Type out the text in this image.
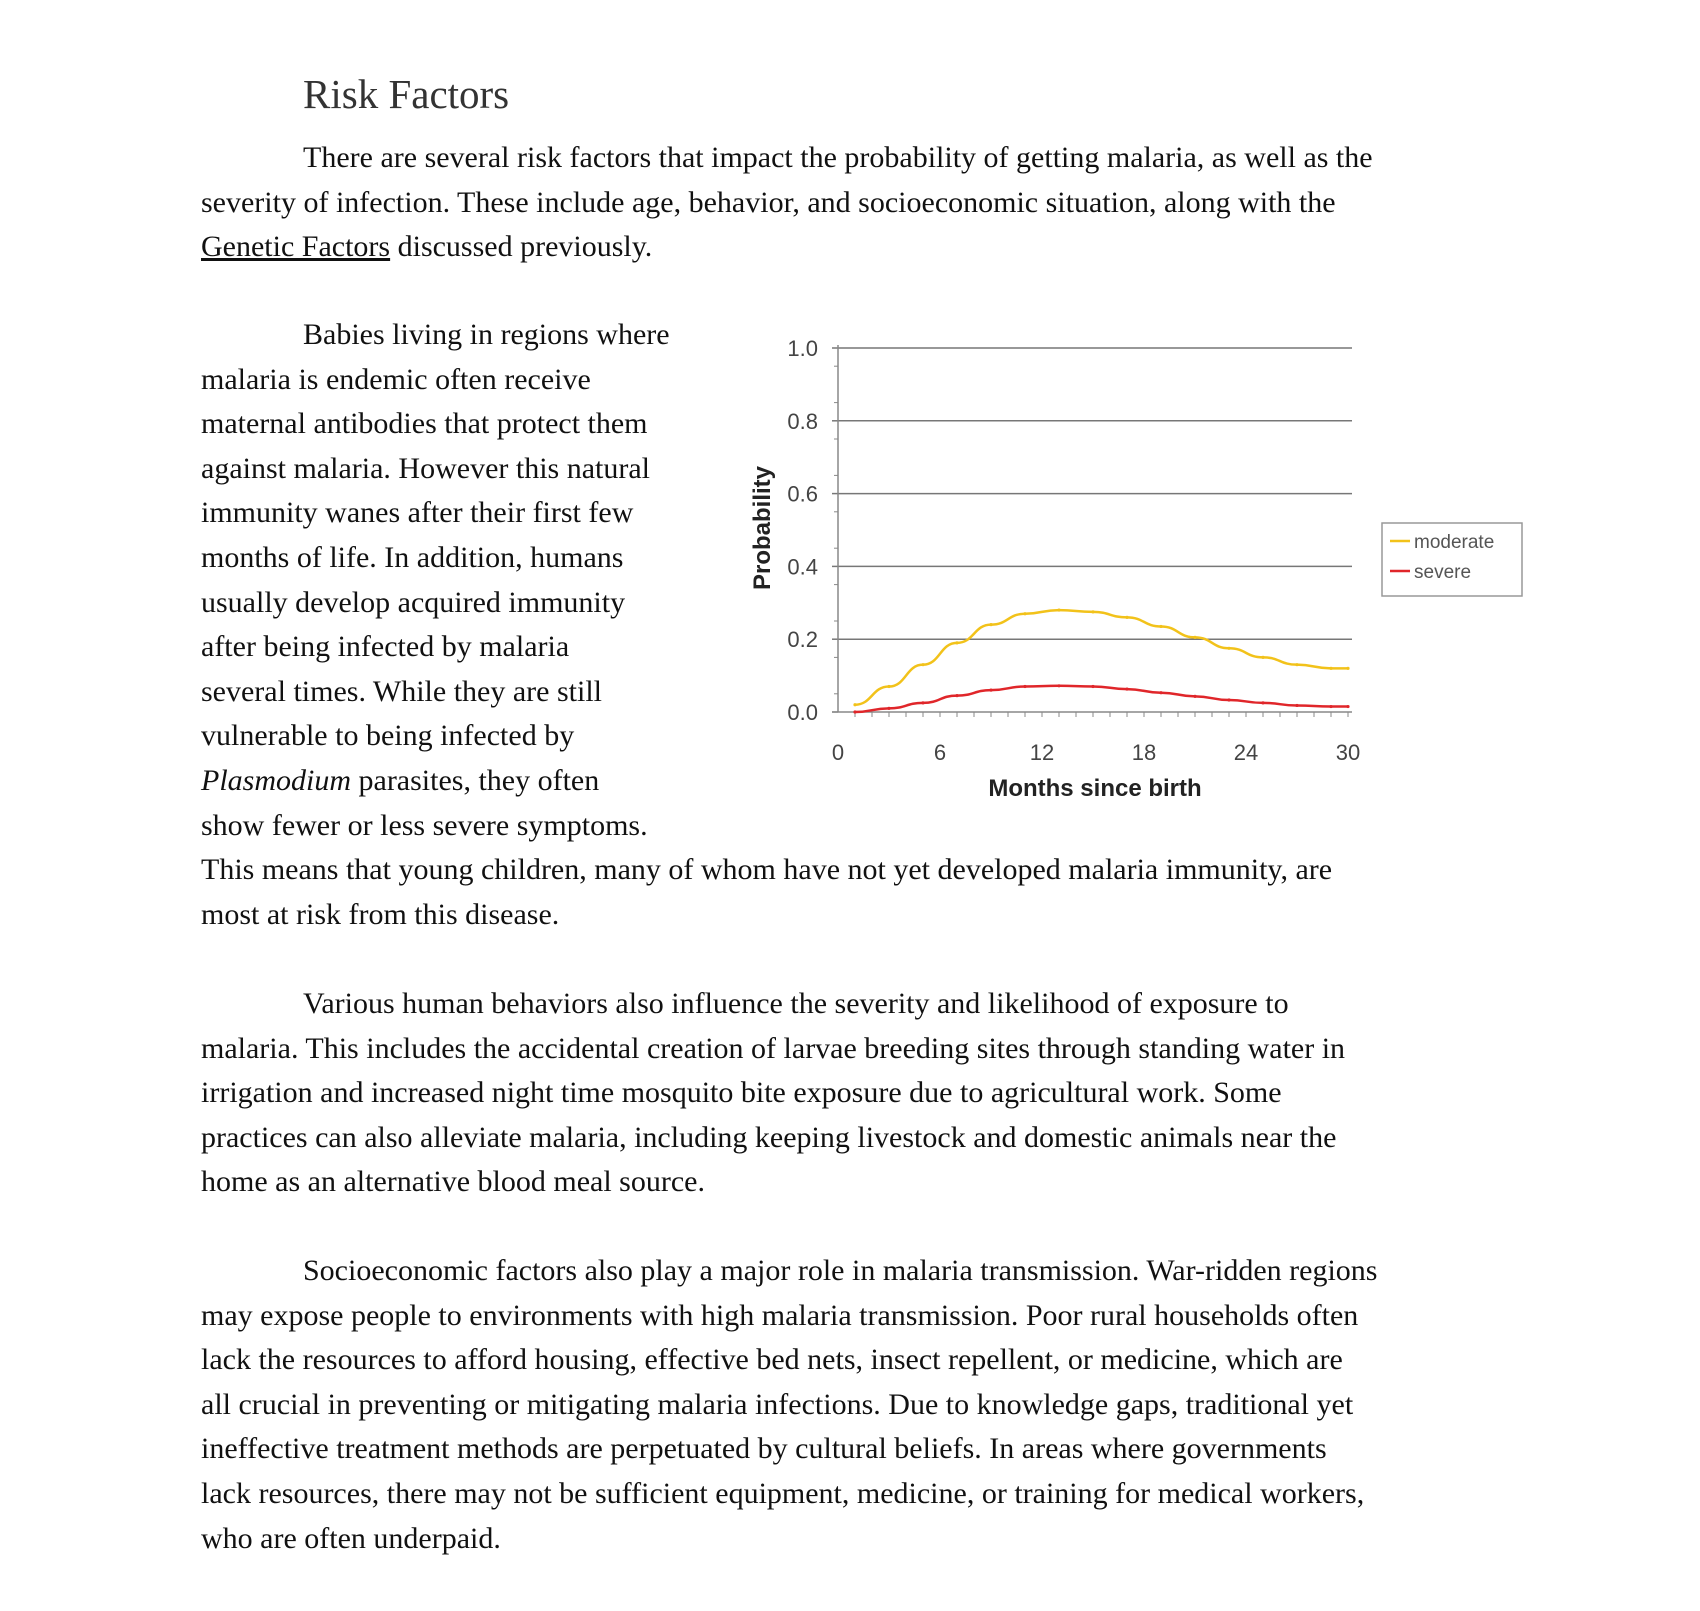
Risk Factors

There are several risk factors that impact the probability of getting malaria, as well as the
severity of infection. These include age, behavior, and socioeconomic situation, along with the
Genetic Factors discussed previously.

Babies living in regions where
malaria is endemic often receive
maternal antibodies that protect them
against malaria. However this natural
immunity wanes after their first few
months of life. In addition, humans
usually develop acquired immunity
after being infected by malaria
several times. While they are still
vulnerable to being infected by
Plasmodium parasites, they often
show fewer or less severe symptoms.

This means that young children, many of whom have not yet developed malaria immunity, are
most at risk from this disease.

Various human behaviors also influence the severity and likelihood of exposure to
malaria. This includes the accidental creation of larvae breeding sites through standing water in
irrigation and increased night time mosquito bite exposure due to agricultural work. Some
practices can also alleviate malaria, including keeping livestock and domestic animals near the
home as an alternative blood meal source.

Socioeconomic factors also play a major role in malaria transmission. War-ridden regions
may expose people to environments with high malaria transmission. Poor rural households often
lack the resources to afford housing, effective bed nets, insect repellent, or medicine, which are
all crucial in preventing or mitigating malaria infections. Due to knowledge gaps, traditional yet
ineffective treatment methods are perpetuated by cultural beliefs. In areas where governments
lack resources, there may not be sufficient equipment, medicine, or training for medical workers,
who are often underpaid.

0.0
0.2
0.4
0.6
0.8
1.0
0	6	12	18	24	30
Probability
Months since birth
moderate
severe
